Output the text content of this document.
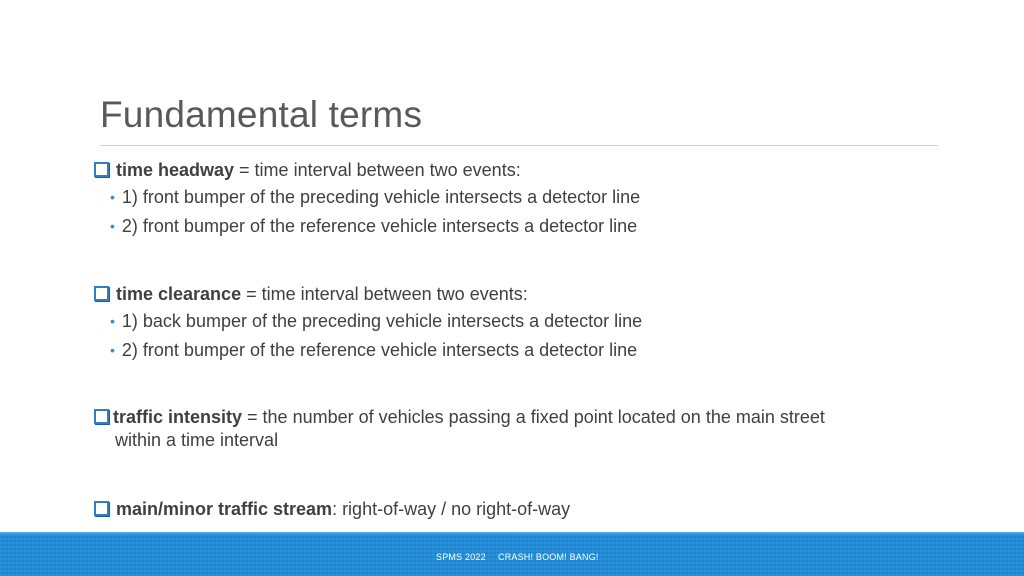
Fundamental terms
time headway = time interval between two events:
• 1) front bumper of the preceding vehicle intersects a detector line
• 2) front bumper of the reference vehicle intersects a detector line
time clearance = time interval between two events:
• 1) back bumper of the preceding vehicle intersects a detector line
• 2) front bumper of the reference vehicle intersects a detector line
traffic intensity = the number of vehicles passing a fixed point located on the main street
within a time interval
main/minor traffic stream: right-of-way / no right-of-way
SPMS 2022 CRASH! BOOM! BANG!
